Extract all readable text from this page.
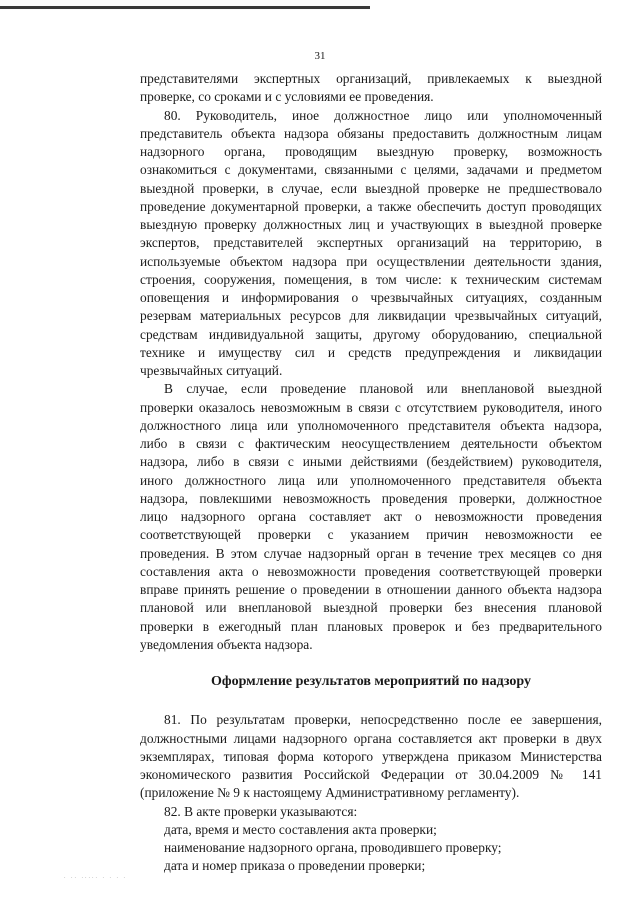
31

представителями экспертных организаций, привлекаемых к выездной

проверке, со сроками и с условиями ее проведения.

80. Руководитель, иное должностное лицо или уполномоченный

представитель объекта надзора обязаны предоставить должностным лицам

надзорного органа, проводящим выездную проверку, возможность

ознакомиться с документами, связанными с целями, задачами и предметом

выездной проверки, в случае, если выездной проверке не предшествовало

проведение документарной проверки, а также обеспечить доступ проводящих

выездную проверку должностных лиц и участвующих в выездной проверке

экспертов, представителей экспертных организаций на территорию, в

используемые объектом надзора при осуществлении деятельности здания,

строения, сооружения, помещения, в том числе: к техническим системам

оповещения и информирования о чрезвычайных ситуациях, созданным

резервам материальных ресурсов для ликвидации чрезвычайных ситуаций,

средствам индивидуальной защиты, другому оборудованию, специальной

технике и имуществу сил и средств предупреждения и ликвидации

чрезвычайных ситуаций.

В случае, если проведение плановой или внеплановой выездной

проверки оказалось невозможным в связи с отсутствием руководителя, иного

должностного лица или уполномоченного представителя объекта надзора,

либо в связи с фактическим неосуществлением деятельности объектом

надзора, либо в связи с иными действиями (бездействием) руководителя,

иного должностного лица или уполномоченного представителя объекта

надзора, повлекшими невозможность проведения проверки, должностное

лицо надзорного органа составляет акт о невозможности проведения

соответствующей проверки с указанием причин невозможности ее

проведения. В этом случае надзорный орган в течение трех месяцев со дня

составления акта о невозможности проведения соответствующей проверки

вправе принять решение о проведении в отношении данного объекта надзора

плановой или внеплановой выездной проверки без внесения плановой

проверки в ежегодный план плановых проверок и без предварительного

уведомления объекта надзора.

Оформление результатов мероприятий по надзору

81. По результатам проверки, непосредственно после ее завершения,

должностными лицами надзорного органа составляется акт проверки в двух

экземплярах, типовая форма которого утверждена приказом Министерства

экономического развития Российской Федерации от 30.04.2009 № 141

(приложение № 9 к настоящему Административному регламенту).

82. В акте проверки указываются:

дата, время и место составления акта проверки;

наименование надзорного органа, проводившего проверку;

дата и номер приказа о проведении проверки;

. .. ..... . . . .
